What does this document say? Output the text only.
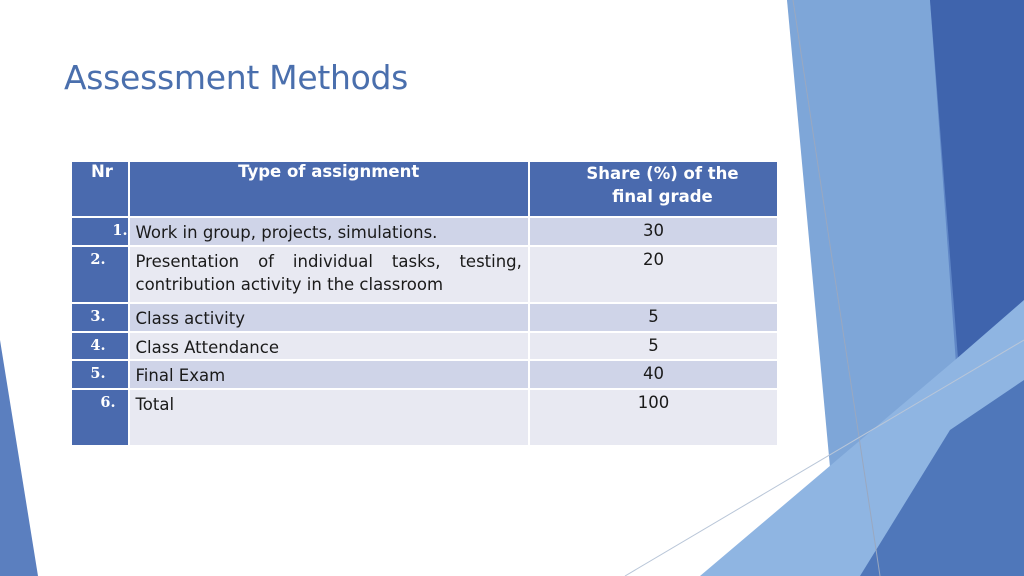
Assessment Methods
Nr	Type of assignment	Share (%) of the
final grade
1.	Work in group, projects, simulations.	30
2.	Presentation of individual tasks, testing, contribution activity in the classroom	20
3.	Class activity	5
4.	Class Attendance	5
5.	Final Exam	40
6.	Total	100
